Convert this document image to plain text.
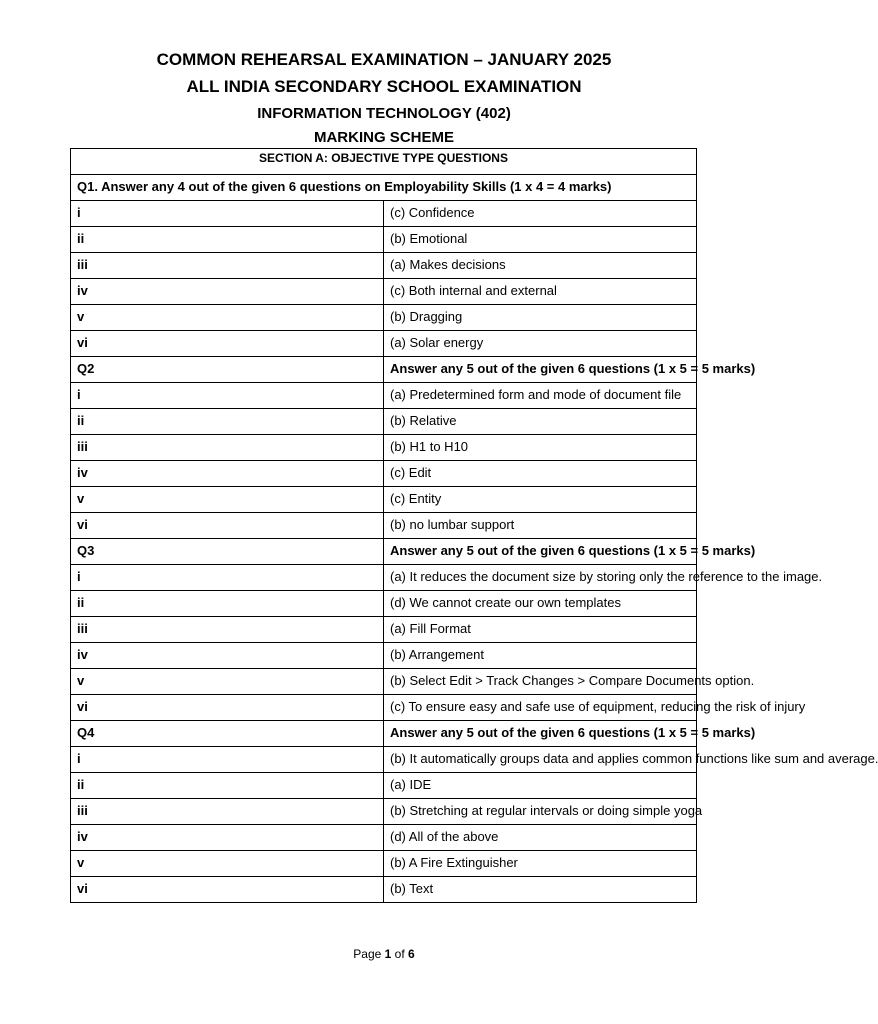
COMMON REHEARSAL EXAMINATION – JANUARY 2025
ALL INDIA SECONDARY SCHOOL EXAMINATION
INFORMATION TECHNOLOGY (402)
MARKING SCHEME
SECTION A: OBJECTIVE TYPE QUESTIONS	
Q1. Answer any 4 out of the given 6 questions on Employability Skills (1 x 4 = 4 marks)	
i	(c) Confidence
ii	(b) Emotional
iii	(a) Makes decisions
iv	(c) Both internal and external
v	(b) Dragging
vi	(a) Solar energy
Q2	Answer any 5 out of the given 6 questions (1 x 5 = 5 marks)
i	(a) Predetermined form and mode of document file
ii	(b) Relative
iii	(b) H1 to H10
iv	(c) Edit
v	(c) Entity
vi	(b) no lumbar support
Q3	Answer any 5 out of the given 6 questions (1 x 5 = 5 marks)
i	(a) It reduces the document size by storing only the reference to the image.
ii	(d) We cannot create our own templates
iii	(a) Fill Format
iv	(b) Arrangement
v	(b) Select Edit > Track Changes > Compare Documents option.
vi	(c) To ensure easy and safe use of equipment, reducing the risk of injury
Q4	Answer any 5 out of the given 6 questions (1 x 5 = 5 marks)
i	(b) It automatically groups data and applies common functions like sum and average.
ii	(a) IDE
iii	(b) Stretching at regular intervals or doing simple yoga
iv	(d) All of the above
v	(b) A Fire Extinguisher
vi	(b) Text
Page 1 of 6
